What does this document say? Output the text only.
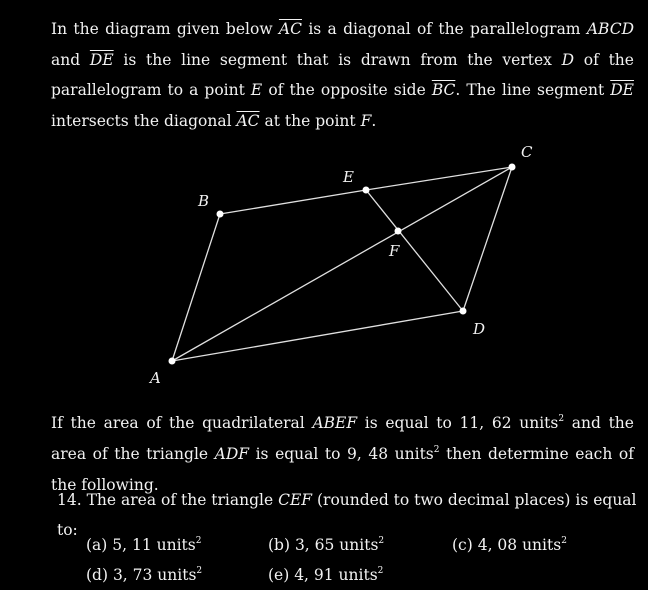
In the diagram given below $\overline{AC}$ is a diagonal of the parallelogram ABCD and $\overline{DE}$ is the line segment that is drawn from the vertex D of the parallelogram to a point E of the opposite side $\overline{BC}$. The line segment $\overline{DE}$ intersects the diagonal $\overline{AC}$ at the point F.
A
B
C
D
E
F
If the area of the quadrilateral ABEF is equal to 11, 62 units$^2$ and the area of the triangle ADF is equal to 9, 48 units$^2$ then determine each of the following.
14. The area of the triangle CEF (rounded to two decimal places) is equal to:
(a) 5, 11 units$^2$	(b) 3, 65 units$^2$	(c) 4, 08 units$^2$
(d) 3, 73 units$^2$	(e) 4, 91 units$^2$
